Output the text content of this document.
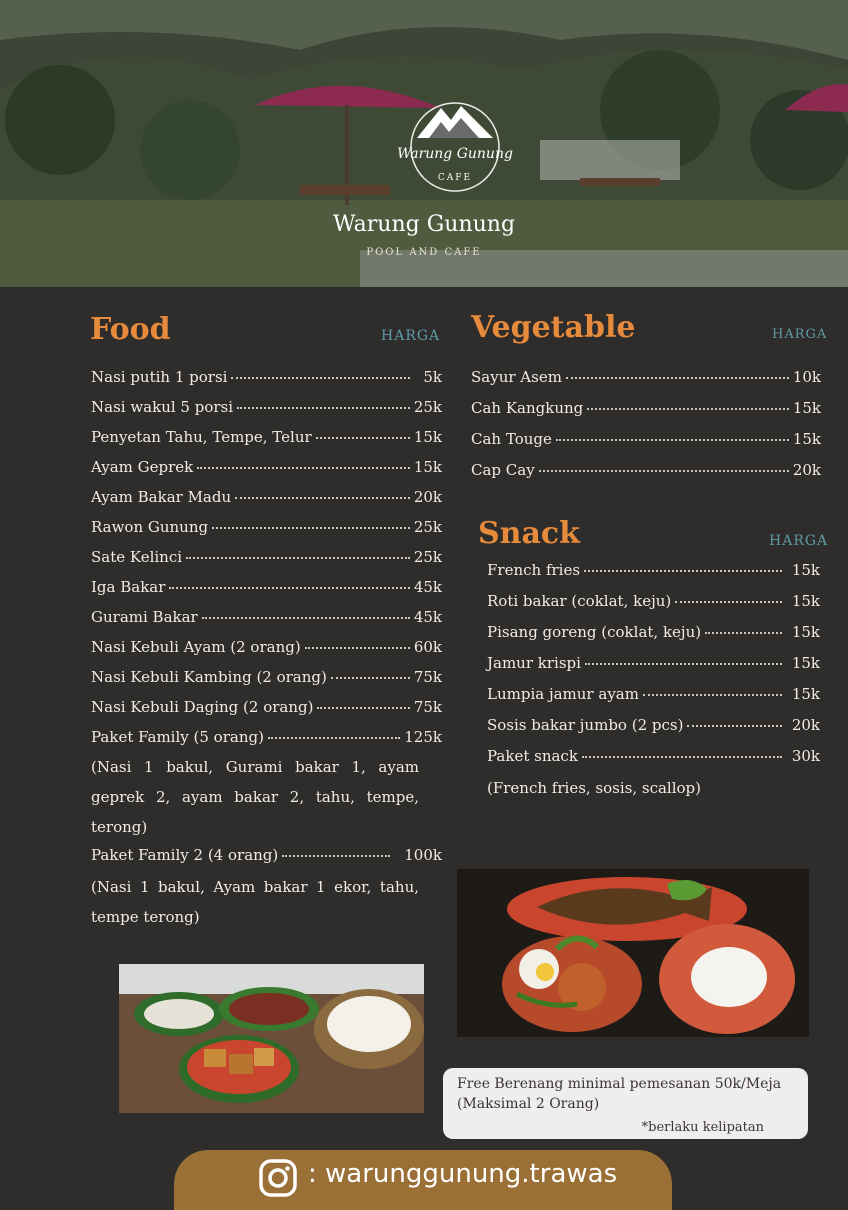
Warung Gunung
CAFE
Warung Gunung
POOL AND CAFE
Food	HARGA
Nasi putih 1 porsi	5k
Nasi wakul 5 porsi	25k
Penyetan Tahu, Tempe, Telur	15k
Ayam Geprek	15k
Ayam Bakar Madu	20k
Rawon Gunung	25k
Sate Kelinci	25k
Iga Bakar	45k
Gurami Bakar	45k
Nasi Kebuli Ayam (2 orang)	60k
Nasi Kebuli Kambing (2 orang)	75k
Nasi Kebuli Daging (2 orang)	75k
Paket Family (5 orang)	125k
(Nasi 1 bakul, Gurami bakar 1, ayam geprek 2, ayam bakar 2, tahu, tempe, terong)
Paket Family 2 (4 orang)	100k
(Nasi 1 bakul, Ayam bakar 1 ekor, tahu, tempe terong)
Vegetable	HARGA
Sayur Asem	10k
Cah Kangkung	15k
Cah Touge	15k
Cap Cay	20k
Snack	HARGA
French fries	15k
Roti bakar (coklat, keju)	15k
Pisang goreng (coklat, keju)	15k
Jamur krispi	15k
Lumpia jamur ayam	15k
Sosis bakar jumbo (2 pcs)	20k
Paket snack	30k
(French fries, sosis, scallop)
Free Berenang minimal pemesanan 50k/Meja (Maksimal 2 Orang)
*berlaku kelipatan
: warunggunung.trawas
